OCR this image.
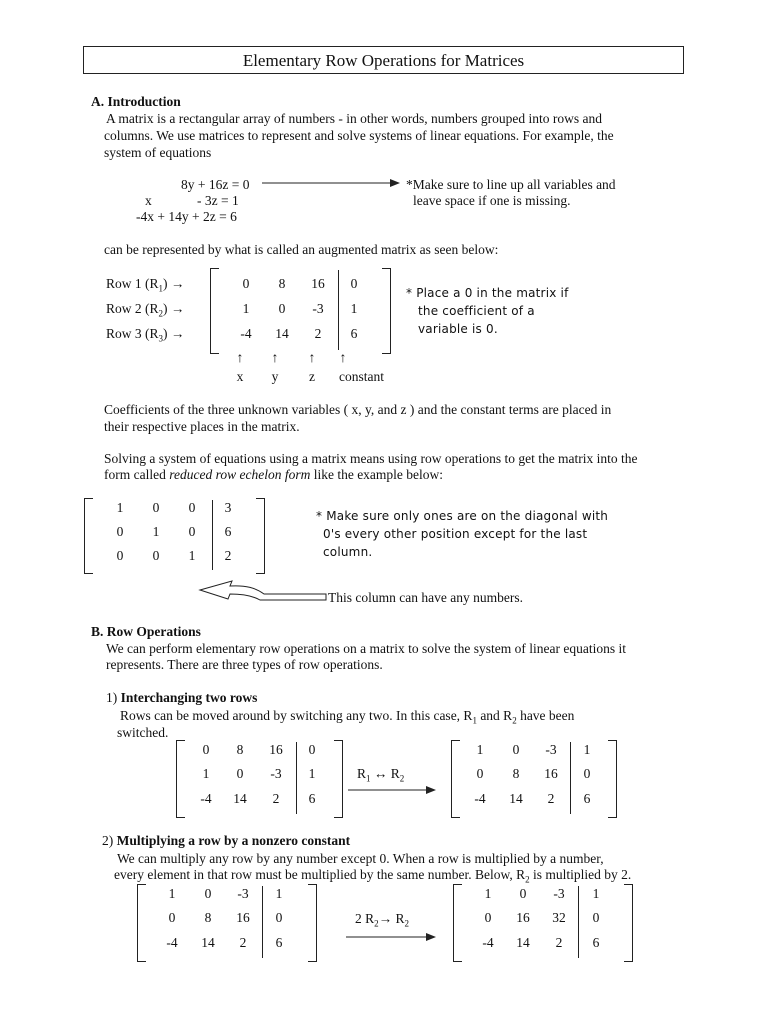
Elementary Row Operations for Matrices
A. Introduction
A matrix is a rectangular array of numbers - in other words, numbers grouped into rows and
columns. We use matrices to represent and solve systems of linear equations. For example, the
system of equations
8y + 16z = 0
x	- 3z = 1
-4x + 14y + 2z = 6
*Make sure to line up all variables and
leave space if one is missing.
can be represented by what is called an augmented matrix as seen below:
Row 1 $(R_1)$ →
Row 2 $(R_2)$ →
Row 3 $(R_3)$ →
0	8	16	0
1	0	-3	1
-4	14	2	6
↑	↑	↑	↑
x	y	z	constant
* Place a 0 in the matrix if
the coefficient of a
variable is 0.
Coefficients of the three unknown variables ( x, y, and z ) and the constant terms are placed in
their respective places in the matrix.
Solving a system of equations using a matrix means using row operations to get the matrix into the
form called reduced row echelon form like the example below:
1	0	0	3
0	1	0	6
0	0	1	2
* Make sure only ones are on the diagonal with
0's every other position except for the last
column.
This column can have any numbers.
B. Row Operations
We can perform elementary row operations on a matrix to solve the system of linear equations it
represents. There are three types of row operations.
1) Interchanging two rows
Rows can be moved around by switching any two. In this case, $R_1$ and $R_2$ have been
switched.
0	8	16	0
1	0	-3	1
-4	14	2	6
$R_1$ ↔ $R_2$
1	0	-3	1
0	8	16	0
-4	14	2	6
2) Multiplying a row by a nonzero constant
We can multiply any row by any number except 0. When a row is multiplied by a number,
every element in that row must be multiplied by the same number. Below, $R_2$ is multiplied by 2.
1	0	-3	1
0	8	16	0
-4	14	2	6
2 $R_2\to R_2$
1	0	-3	1
0	16	32	0
-4	14	2	6
